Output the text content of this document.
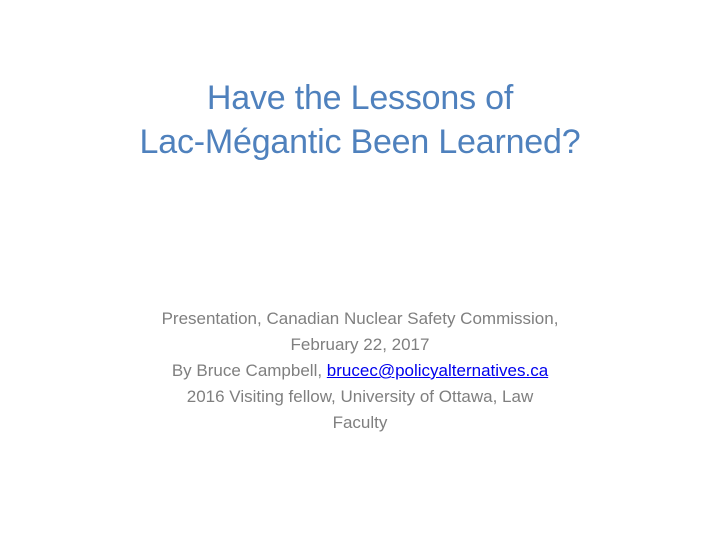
Have the Lessons of
Lac-Mégantic Been Learned?
Presentation, Canadian Nuclear Safety Commission,
February 22, 2017
By Bruce Campbell, brucec@policyalternatives.ca
2016 Visiting fellow, University of Ottawa, Law
Faculty
